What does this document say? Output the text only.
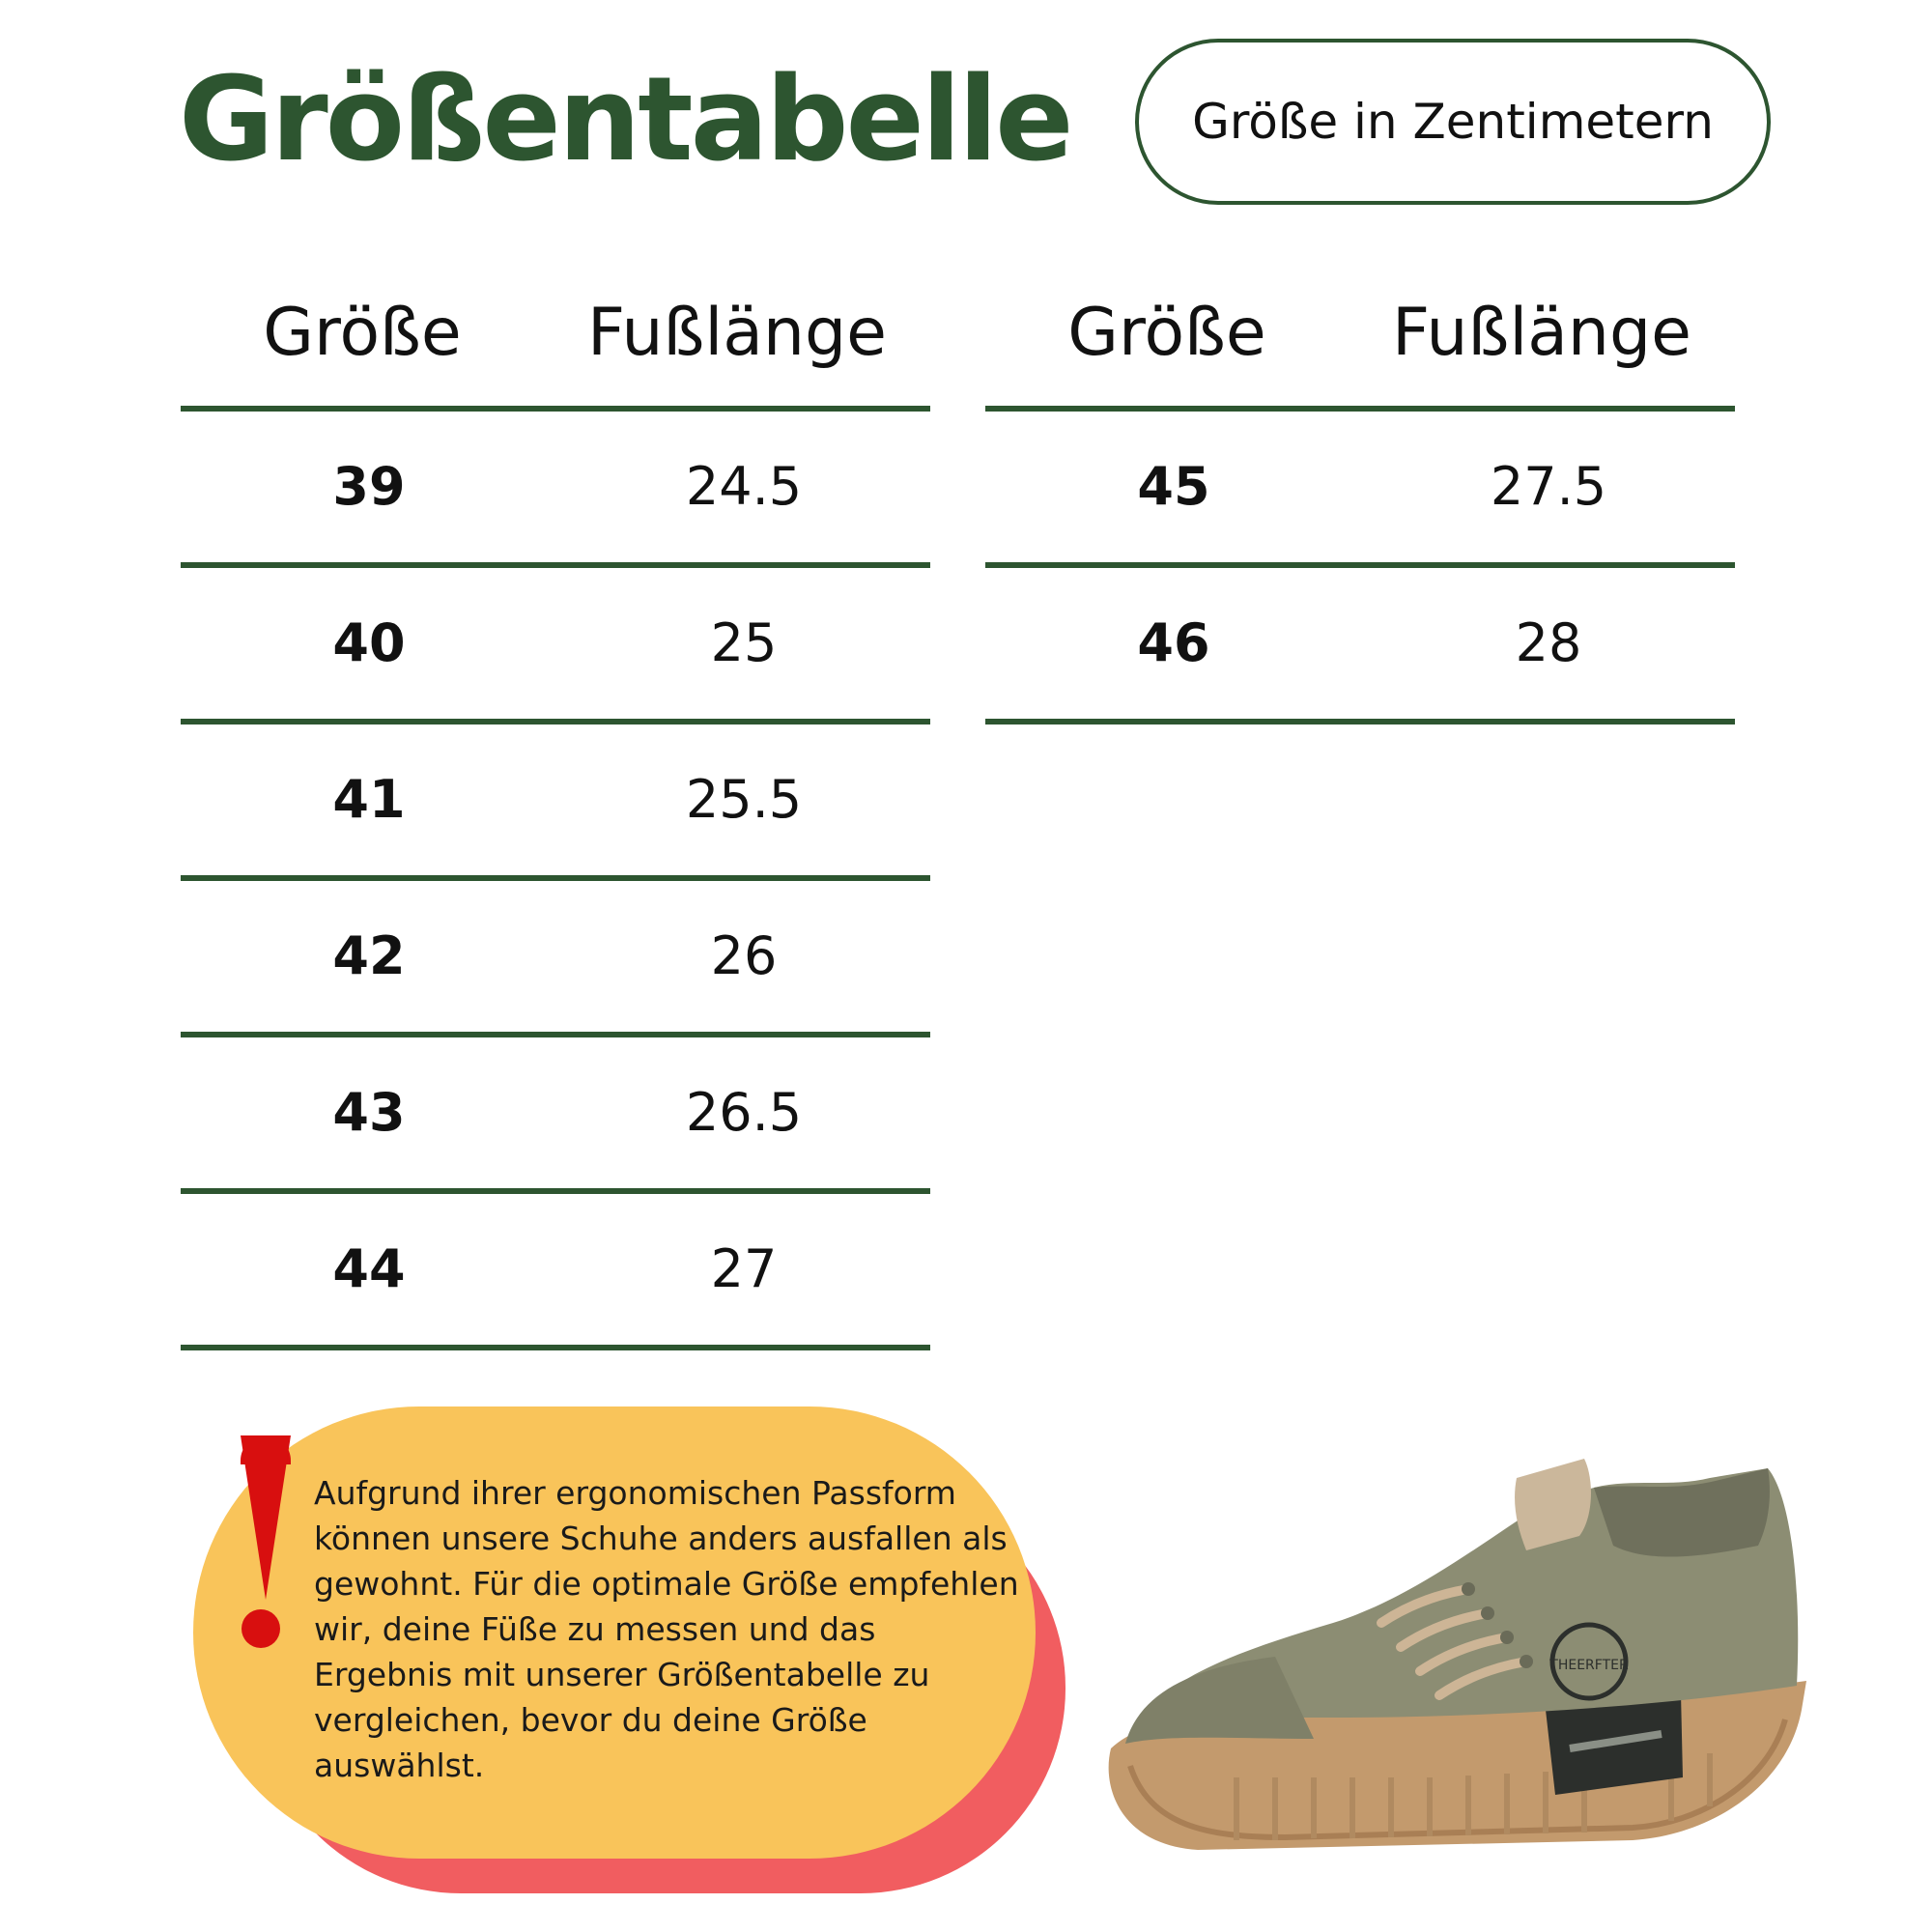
Größentabelle	Größe in Zentimetern
Größe Fußlänge
39	24.5
40	25
41	25.5
42	26
43	26.5
44	27
Größe Fußlänge
45	27.5
46	28
Aufgrund ihrer ergonomischen Passform können unsere Schuhe anders ausfallen als gewohnt. Für die optimale Größe empfehlen wir, deine Füße zu messen und das Ergebnis mit unserer Größentabelle zu vergleichen, bevor du deine Größe auswählst.
THEERFTER
